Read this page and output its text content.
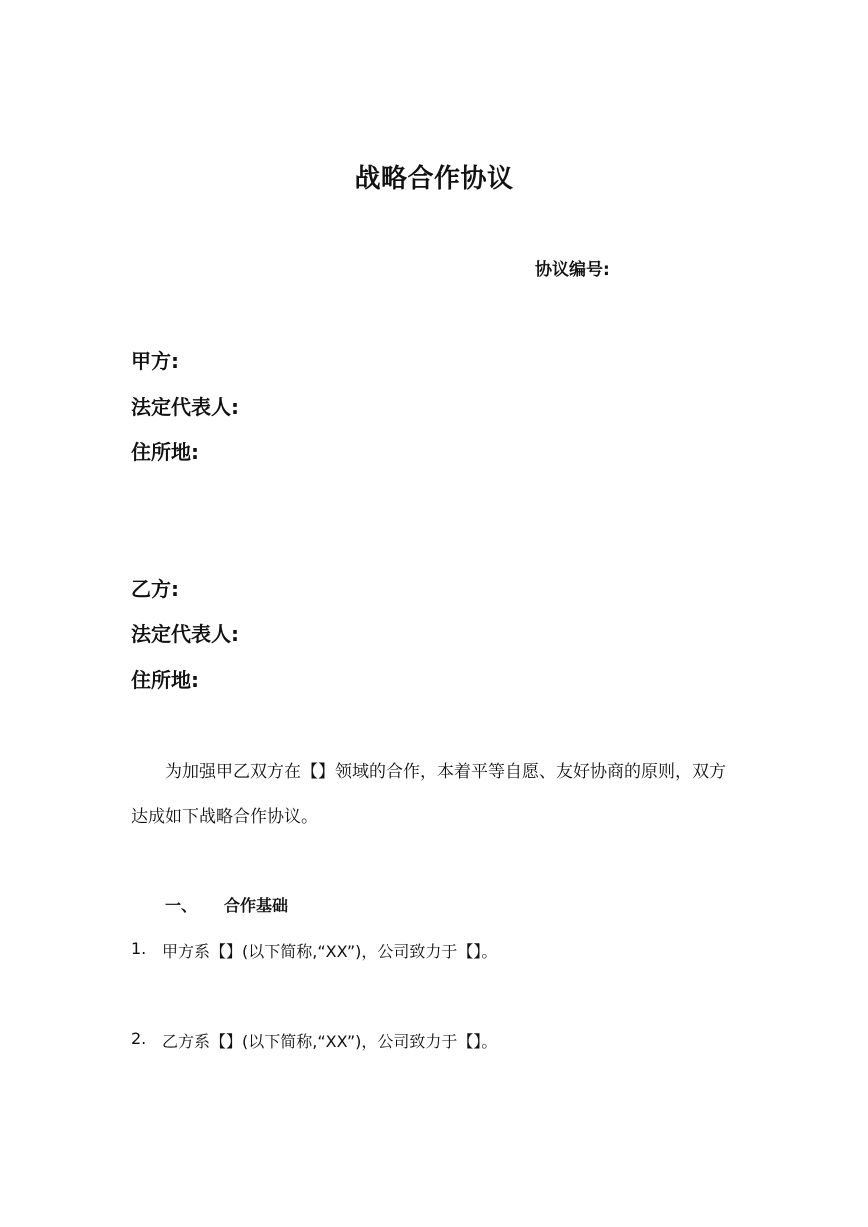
战略合作协议
协议编号:
甲方:
法定代表人:
住所地:
乙方:
法定代表人:
住所地:
为加强甲乙双方在【】领域的合作，本着平等自愿、友好协商的原则，双方
达成如下战略合作协议。
一、 合作基础
1. 甲方系【】(以下简称,“XX”)，公司致力于【】。
2. 乙方系【】(以下简称,“XX”)，公司致力于【】。
